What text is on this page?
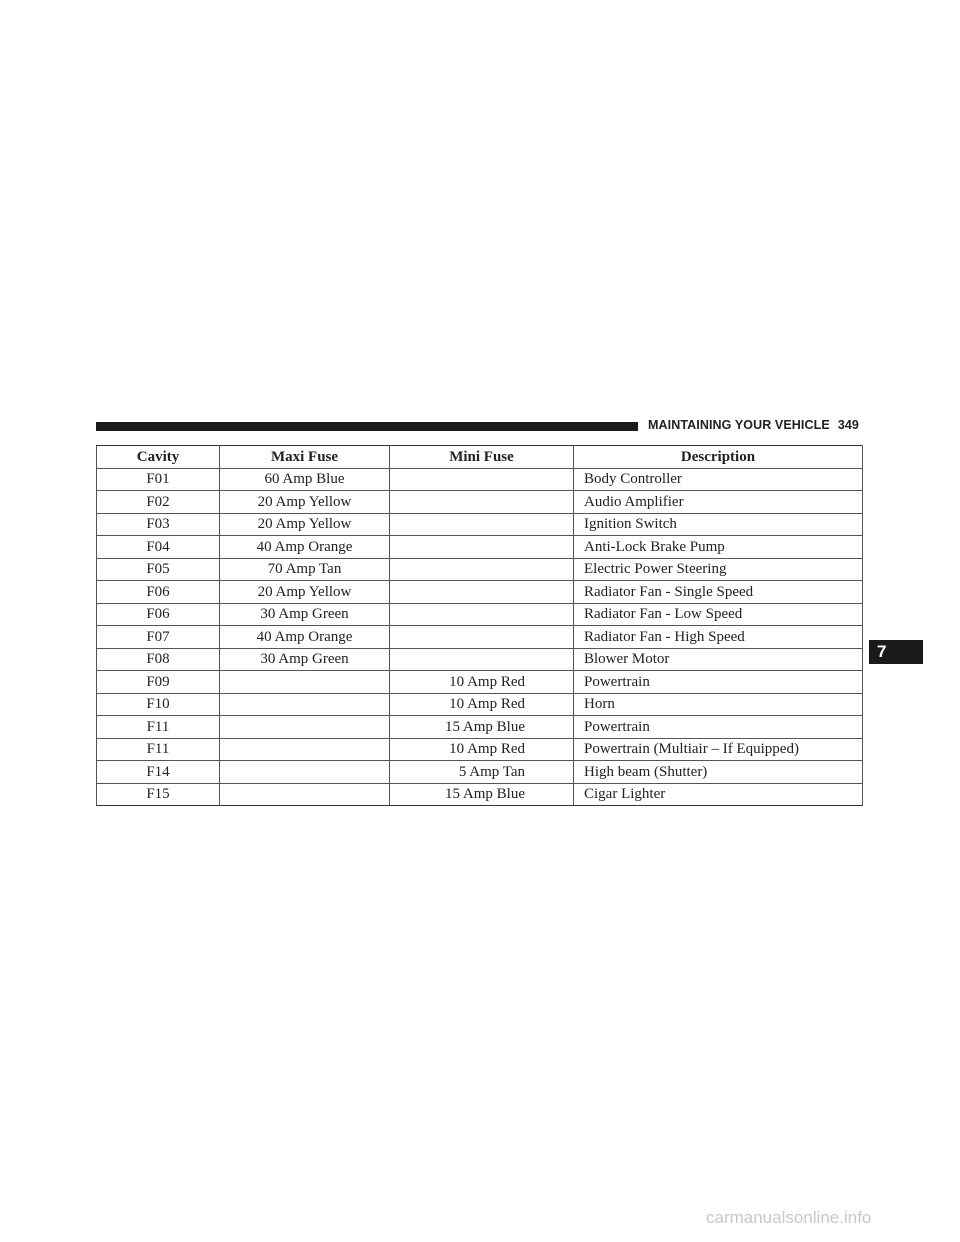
MAINTAINING YOUR VEHICLE 349
Cavity	Maxi Fuse	Mini Fuse	Description
F01	60 Amp Blue		Body Controller
F02	20 Amp Yellow		Audio Amplifier
F03	20 Amp Yellow		Ignition Switch
F04	40 Amp Orange		Anti-Lock Brake Pump
F05	70 Amp Tan		Electric Power Steering
F06	20 Amp Yellow		Radiator Fan - Single Speed
F06	30 Amp Green		Radiator Fan - Low Speed
F07	40 Amp Orange		Radiator Fan - High Speed
F08	30 Amp Green		Blower Motor
F09		10 Amp Red	Powertrain
F10		10 Amp Red	Horn
F11		15 Amp Blue	Powertrain
F11		10 Amp Red	Powertrain (Multiair – If Equipped)
F14		5 Amp Tan	High beam (Shutter)
F15		15 Amp Blue	Cigar Lighter
7
carmanualsonline.info
